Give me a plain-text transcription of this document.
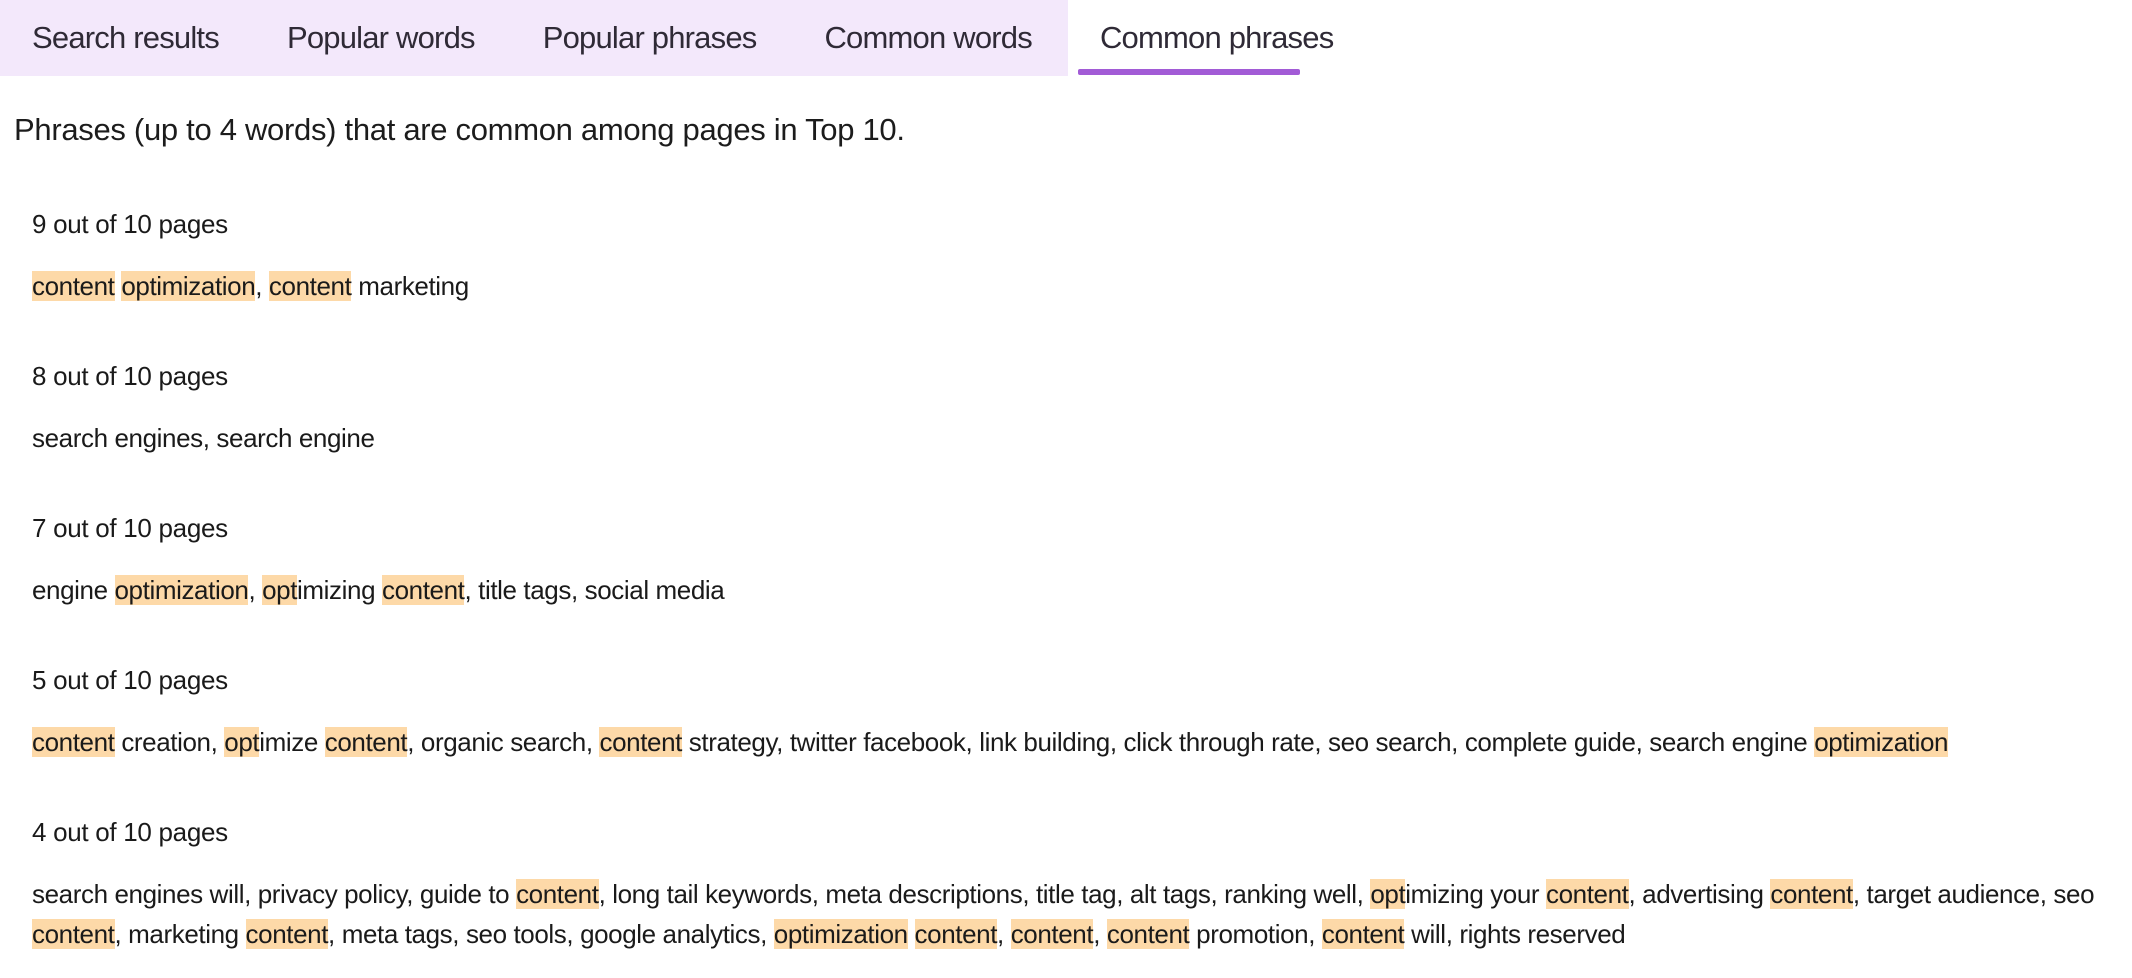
Search results Popular words Popular phrases Common words Common phrases
Phrases (up to 4 words) that are common among pages in Top 10.
9 out of 10 pages
content optimization, content marketing
8 out of 10 pages
search engines, search engine
7 out of 10 pages
engine optimization, optimizing content, title tags, social media
5 out of 10 pages
content creation, optimize content, organic search, content strategy, twitter facebook, link building, click through rate, seo search, complete guide, search engine optimization
4 out of 10 pages
search engines will, privacy policy, guide to content, long tail keywords, meta descriptions, title tag, alt tags, ranking well, optimizing your content, advertising content, target audience, seo content, marketing content, meta tags, seo tools, google analytics, optimization content, content, content promotion, content will, rights reserved
